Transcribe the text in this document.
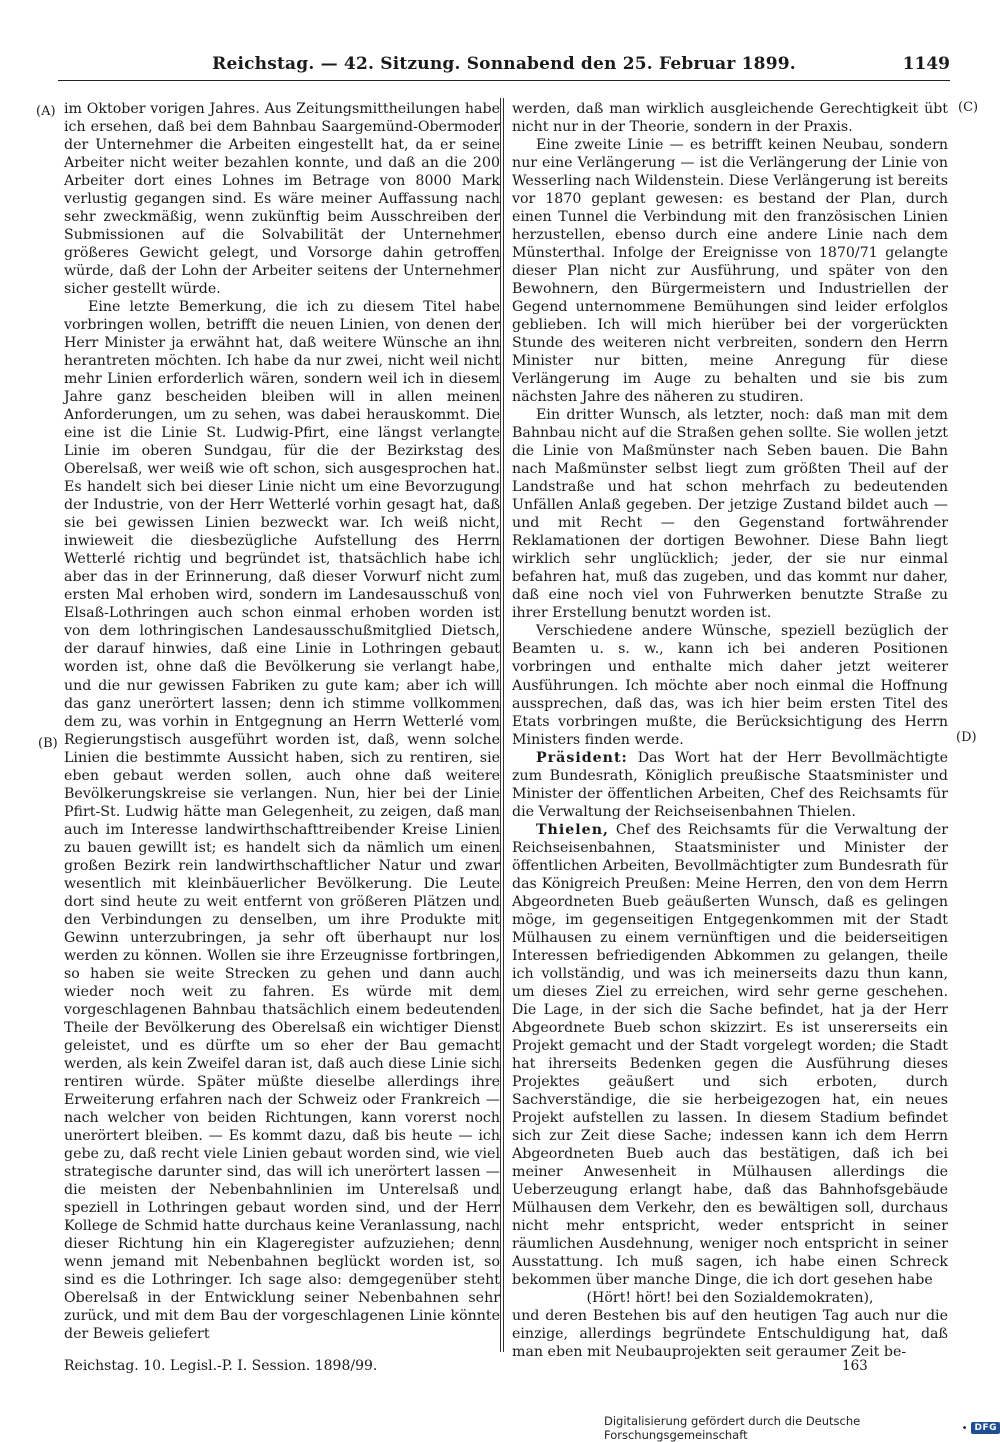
Reichstag. — 42. Sitzung. Sonnabend den 25. Februar 1899.	1149
(A)
(B)
(C)
(D)

im Oktober vorigen Jahres. Aus Zeitungsmittheilungen habe ich ersehen, daß bei dem Bahnbau Saargemünd-Obermoder der Unternehmer die Arbeiten eingestellt hat, da er seine Arbeiter nicht weiter bezahlen konnte, und daß an die 200 Arbeiter dort eines Lohnes im Betrage von 8000 Mark verlustig gegangen sind. Es wäre meiner Auffassung nach sehr zweckmäßig, wenn zukünftig beim Ausschreiben der Submissionen auf die Solvabilität der Unternehmer größeres Gewicht gelegt, und Vorsorge dahin getroffen würde, daß der Lohn der Arbeiter seitens der Unternehmer sicher gestellt würde.

Eine letzte Bemerkung, die ich zu diesem Titel habe vorbringen wollen, betrifft die neuen Linien, von denen der Herr Minister ja erwähnt hat, daß weitere Wünsche an ihn herantreten möchten. Ich habe da nur zwei, nicht weil nicht mehr Linien erforderlich wären, sondern weil ich in diesem Jahre ganz bescheiden bleiben will in allen meinen Anforderungen, um zu sehen, was dabei herauskommt. Die eine ist die Linie St. Ludwig-Pfirt, eine längst verlangte Linie im oberen Sundgau, für die der Bezirkstag des Oberelsaß, wer weiß wie oft schon, sich ausgesprochen hat. Es handelt sich bei dieser Linie nicht um eine Bevorzugung der Industrie, von der Herr Wetterlé vorhin gesagt hat, daß sie bei gewissen Linien bezweckt war. Ich weiß nicht, inwieweit die diesbezügliche Aufstellung des Herrn Wetterlé richtig und begründet ist, thatsächlich habe ich aber das in der Erinnerung, daß dieser Vorwurf nicht zum ersten Mal erhoben wird, sondern im Landesausschuß von Elsaß-Lothringen auch schon einmal erhoben worden ist von dem lothringischen Landesausschußmitglied Dietsch, der darauf hinwies, daß eine Linie in Lothringen gebaut worden ist, ohne daß die Bevölkerung sie verlangt habe, und die nur gewissen Fabriken zu gute kam; aber ich will das ganz unerörtert lassen; denn ich stimme vollkommen dem zu, was vorhin in Entgegnung an Herrn Wetterlé vom Regierungstisch ausgeführt worden ist, daß, wenn solche Linien die bestimmte Aussicht haben, sich zu rentiren, sie eben gebaut werden sollen, auch ohne daß weitere Bevölkerungskreise sie verlangen. Nun, hier bei der Linie Pfirt-St. Ludwig hätte man Gelegenheit, zu zeigen, daß man auch im Interesse landwirthschafttreibender Kreise Linien zu bauen gewillt ist; es handelt sich da nämlich um einen großen Bezirk rein landwirthschaftlicher Natur und zwar wesentlich mit kleinbäuerlicher Bevölkerung. Die Leute dort sind heute zu weit entfernt von größeren Plätzen und den Verbindungen zu denselben, um ihre Produkte mit Gewinn unterzubringen, ja sehr oft überhaupt nur los werden zu können. Wollen sie ihre Erzeugnisse fortbringen, so haben sie weite Strecken zu gehen und dann auch wieder noch weit zu fahren. Es würde mit dem vorgeschlagenen Bahnbau thatsächlich einem bedeutenden Theile der Bevölkerung des Oberelsaß ein wichtiger Dienst geleistet, und es dürfte um so eher der Bau gemacht werden, als kein Zweifel daran ist, daß auch diese Linie sich rentiren würde. Später müßte dieselbe allerdings ihre Erweiterung erfahren nach der Schweiz oder Frankreich — nach welcher von beiden Richtungen, kann vorerst noch unerörtert bleiben. — Es kommt dazu, daß bis heute — ich gebe zu, daß recht viele Linien gebaut worden sind, wie viel strategische darunter sind, das will ich unerörtert lassen — die meisten der Nebenbahnlinien im Unterelsaß und speziell in Lothringen gebaut worden sind, und der Herr Kollege de Schmid hatte durchaus keine Veranlassung, nach dieser Richtung hin ein Klageregister aufzuziehen; denn wenn jemand mit Nebenbahnen beglückt worden ist, so sind es die Lothringer. Ich sage also: demgegenüber steht Oberelsaß in der Entwicklung seiner Nebenbahnen sehr zurück, und mit dem Bau der vorgeschlagenen Linie könnte der Beweis geliefert

werden, daß man wirklich ausgleichende Gerechtigkeit übt nicht nur in der Theorie, sondern in der Praxis.

Eine zweite Linie — es betrifft keinen Neubau, sondern nur eine Verlängerung — ist die Verlängerung der Linie von Wesserling nach Wildenstein. Diese Verlängerung ist bereits vor 1870 geplant gewesen: es bestand der Plan, durch einen Tunnel die Verbindung mit den französischen Linien herzustellen, ebenso durch eine andere Linie nach dem Münsterthal. Infolge der Ereignisse von 1870/71 gelangte dieser Plan nicht zur Ausführung, und später von den Bewohnern, den Bürgermeistern und Industriellen der Gegend unternommene Bemühungen sind leider erfolglos geblieben. Ich will mich hierüber bei der vorgerückten Stunde des weiteren nicht verbreiten, sondern den Herrn Minister nur bitten, meine Anregung für diese Verlängerung im Auge zu behalten und sie bis zum nächsten Jahre des näheren zu studiren.

Ein dritter Wunsch, als letzter, noch: daß man mit dem Bahnbau nicht auf die Straßen gehen sollte. Sie wollen jetzt die Linie von Maßmünster nach Seben bauen. Die Bahn nach Maßmünster selbst liegt zum größten Theil auf der Landstraße und hat schon mehrfach zu bedeutenden Unfällen Anlaß gegeben. Der jetzige Zustand bildet auch — und mit Recht — den Gegenstand fortwährender Reklamationen der dortigen Bewohner. Diese Bahn liegt wirklich sehr unglücklich; jeder, der sie nur einmal befahren hat, muß das zugeben, und das kommt nur daher, daß eine noch viel von Fuhrwerken benutzte Straße zu ihrer Erstellung benutzt worden ist.

Verschiedene andere Wünsche, speziell bezüglich der Beamten u. s. w., kann ich bei anderen Positionen vorbringen und enthalte mich daher jetzt weiterer Ausführungen. Ich möchte aber noch einmal die Hoffnung aussprechen, daß das, was ich hier beim ersten Titel des Etats vorbringen mußte, die Berücksichtigung des Herrn Ministers finden werde.

Präsident: Das Wort hat der Herr Bevollmächtigte zum Bundesrath, Königlich preußische Staatsminister und Minister der öffentlichen Arbeiten, Chef des Reichsamts für die Verwaltung der Reichseisenbahnen Thielen.

Thielen, Chef des Reichsamts für die Verwaltung der Reichseisenbahnen, Staatsminister und Minister der öffentlichen Arbeiten, Bevollmächtigter zum Bundesrath für das Königreich Preußen: Meine Herren, den von dem Herrn Abgeordneten Bueb geäußerten Wunsch, daß es gelingen möge, im gegenseitigen Entgegenkommen mit der Stadt Mülhausen zu einem vernünftigen und die beiderseitigen Interessen befriedigenden Abkommen zu gelangen, theile ich vollständig, und was ich meinerseits dazu thun kann, um dieses Ziel zu erreichen, wird sehr gerne geschehen. Die Lage, in der sich die Sache befindet, hat ja der Herr Abgeordnete Bueb schon skizzirt. Es ist unsererseits ein Projekt gemacht und der Stadt vorgelegt worden; die Stadt hat ihrerseits Bedenken gegen die Ausführung dieses Projektes geäußert und sich erboten, durch Sachverständige, die sie herbeigezogen hat, ein neues Projekt aufstellen zu lassen. In diesem Stadium befindet sich zur Zeit diese Sache; indessen kann ich dem Herrn Abgeordneten Bueb auch das bestätigen, daß ich bei meiner Anwesenheit in Mülhausen allerdings die Ueberzeugung erlangt habe, daß das Bahnhofsgebäude Mülhausen dem Verkehr, den es bewältigen soll, durchaus nicht mehr entspricht, weder entspricht in seiner räumlichen Ausdehnung, weniger noch entspricht in seiner Ausstattung. Ich muß sagen, ich habe einen Schreck bekommen über manche Dinge, die ich dort gesehen habe

(Hört! hört! bei den Sozialdemokraten),

und deren Bestehen bis auf den heutigen Tag auch nur die einzige, allerdings begründete Entschuldigung hat, daß man eben mit Neubauprojekten seit geraumer Zeit be-

Reichstag. 10. Legisl.-P. I. Session. 1898/99.	163
Digitalisierung gefördert durch die Deutsche Forschungsgemeinschaft	• DFG
